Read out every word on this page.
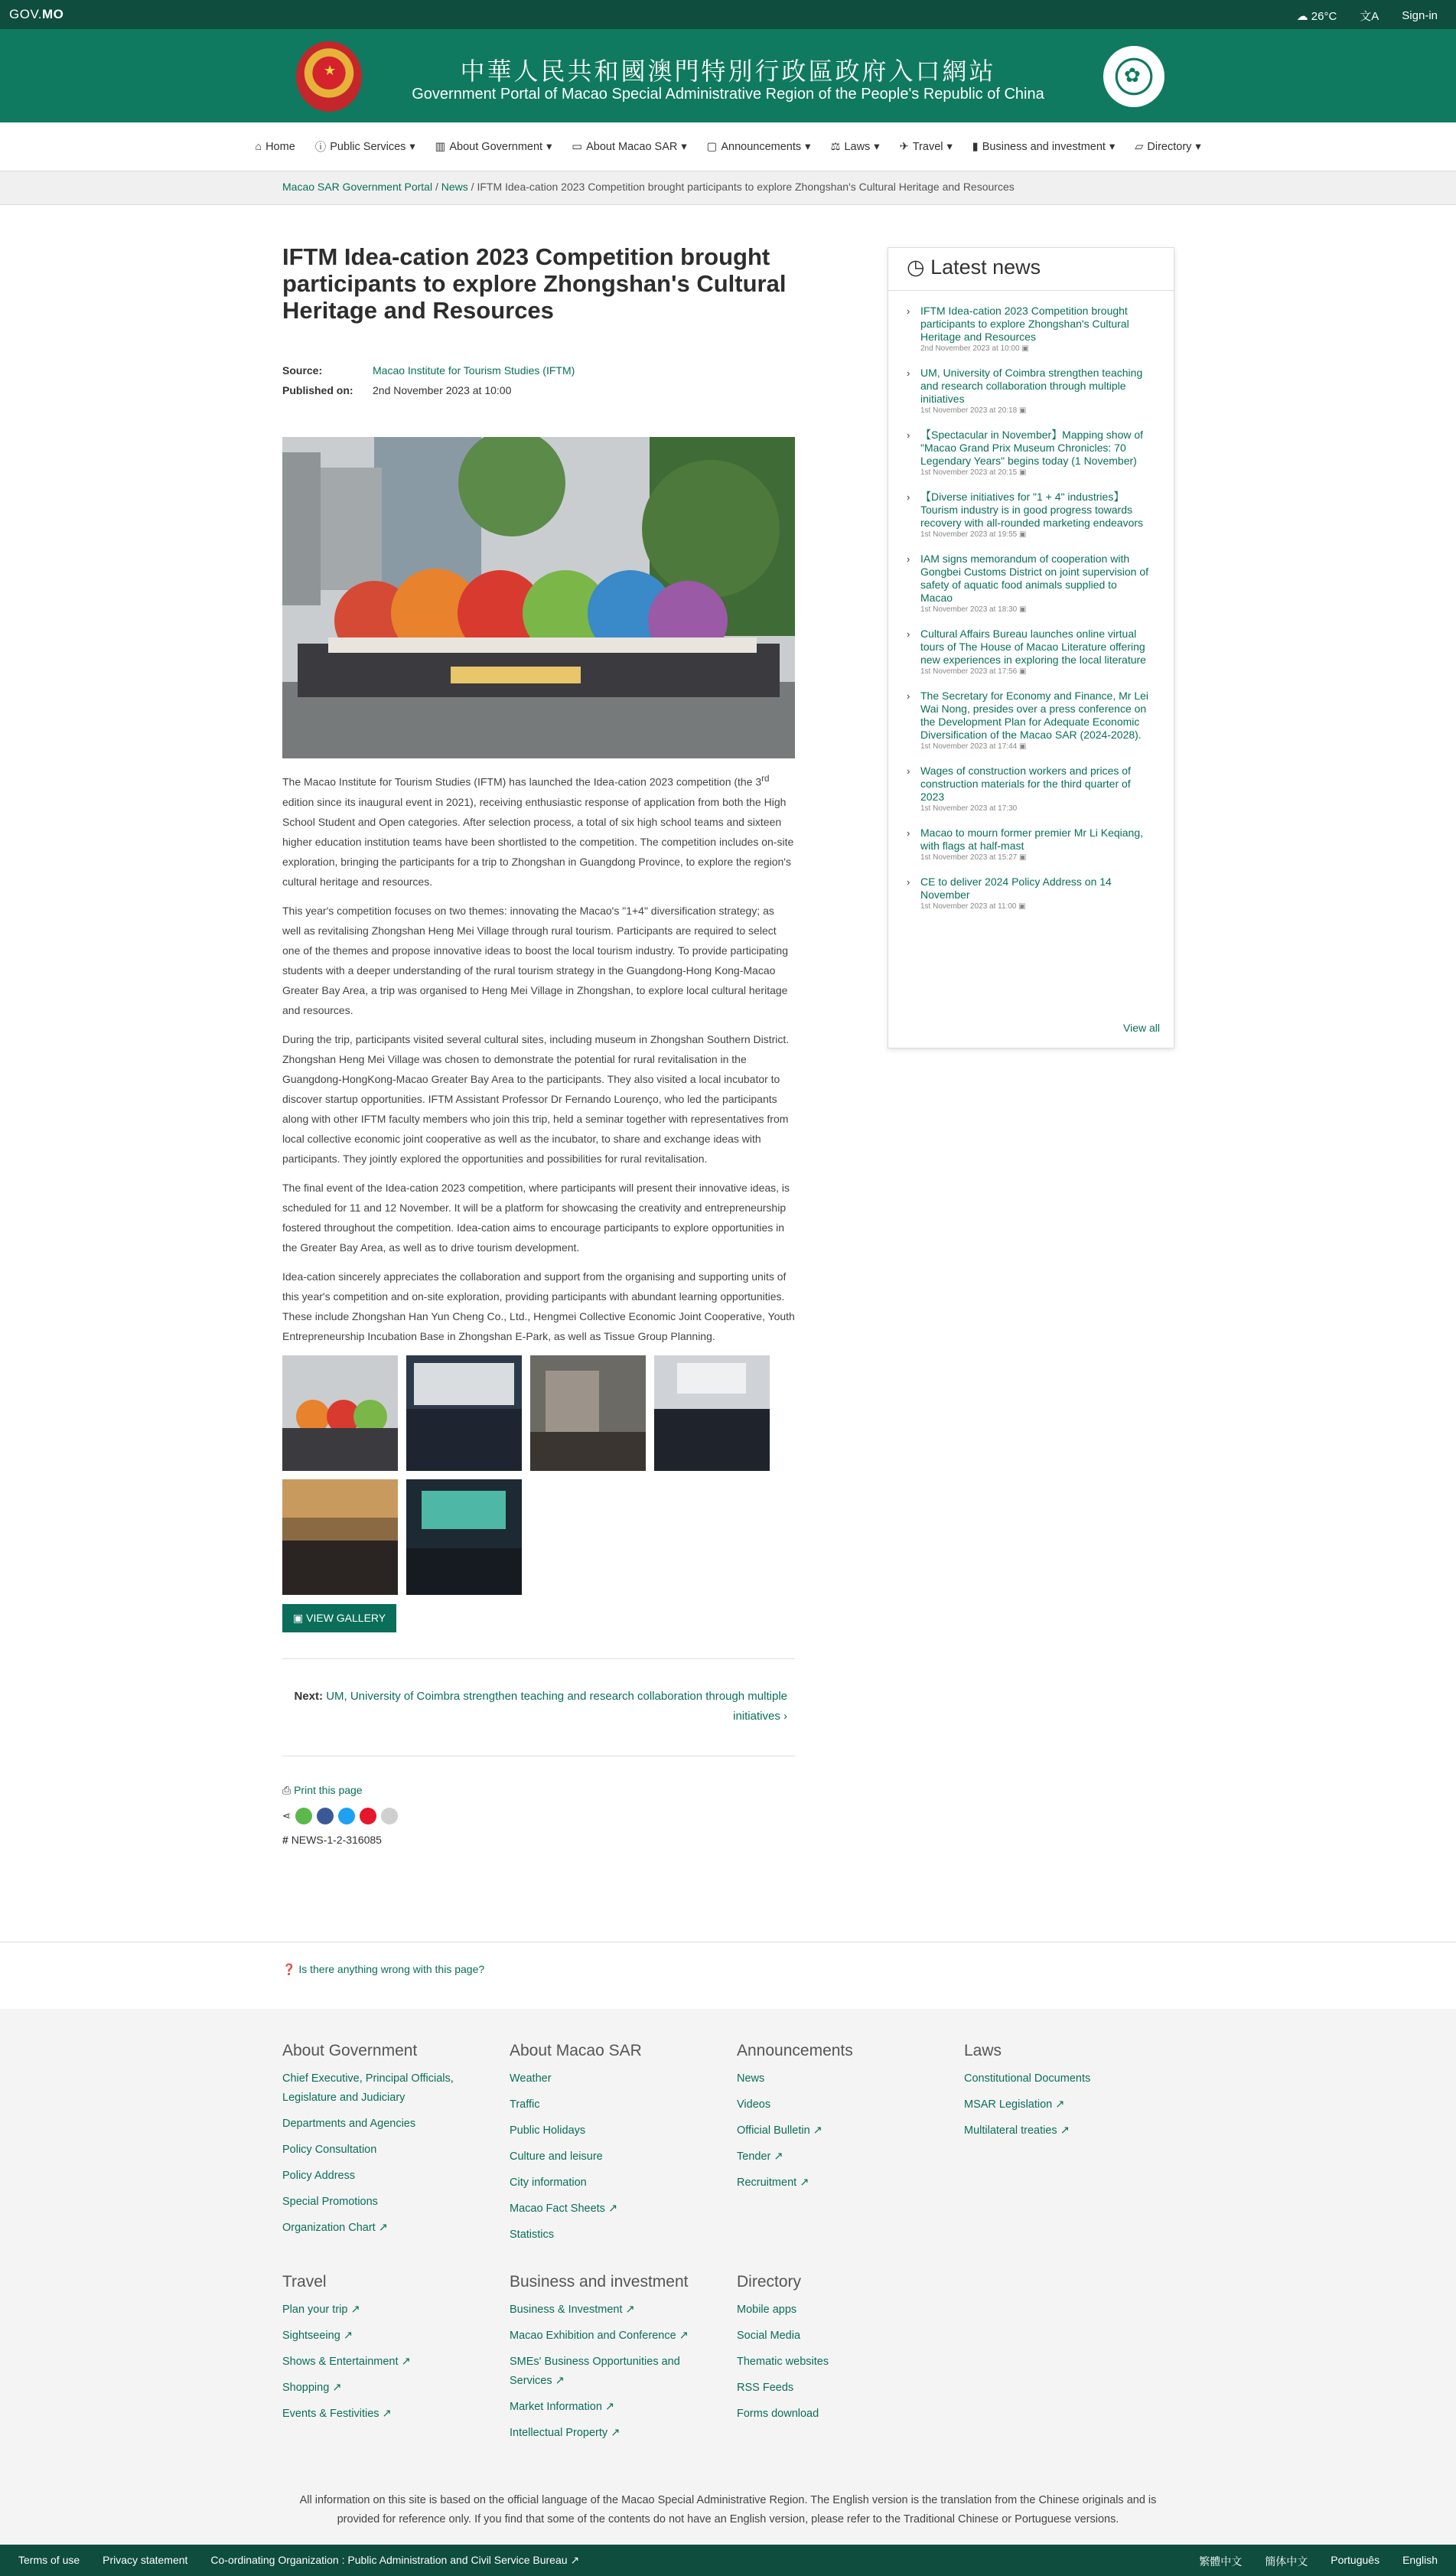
GOV.MO	☁ 26°C 文A Sign-in
★	中華人民共和國澳門特別行政區政府入口網站
Government Portal of Macao Special Administrative Region of the People's Republic of China
✿
⌂ Home ⓘ Public Services ▾ ▥ About Government ▾ ▭ About Macao SAR ▾ ▢ Announcements ▾ ⚖ Laws ▾ ✈ Travel ▾ ▮ Business and investment ▾ ▱ Directory ▾
Macao SAR Government Portal / News / IFTM Idea-cation 2023 Competition brought participants to explore Zhongshan's Cultural Heritage and Resources
IFTM Idea-cation 2023 Competition brought participants to explore Zhongshan's Cultural Heritage and Resources
Source:	Macao Institute for Tourism Studies (IFTM)
Published on: 2nd November 2023 at 10:00

The Macao Institute for Tourism Studies (IFTM) has launched the Idea-cation 2023 competition (the 3rd edition since its inaugural event in 2021), receiving enthusiastic response of application from both the High School Student and Open categories. After selection process, a total of six high school teams and sixteen higher education institution teams have been shortlisted to the competition. The competition includes on-site exploration, bringing the participants for a trip to Zhongshan in Guangdong Province, to explore the region's cultural heritage and resources.

This year's competition focuses on two themes: innovating the Macao's "1+4" diversification strategy; as well as revitalising Zhongshan Heng Mei Village through rural tourism. Participants are required to select one of the themes and propose innovative ideas to boost the local tourism industry. To provide participating students with a deeper understanding of the rural tourism strategy in the Guangdong-Hong Kong-Macao Greater Bay Area, a trip was organised to Heng Mei Village in Zhongshan, to explore local cultural heritage and resources.

During the trip, participants visited several cultural sites, including museum in Zhongshan Southern District. Zhongshan Heng Mei Village was chosen to demonstrate the potential for rural revitalisation in the Guangdong-HongKong-Macao Greater Bay Area to the participants. They also visited a local incubator to discover startup opportunities. IFTM Assistant Professor Dr Fernando Lourenço, who led the participants along with other IFTM faculty members who join this trip, held a seminar together with representatives from local collective economic joint cooperative as well as the incubator, to share and exchange ideas with participants. They jointly explored the opportunities and possibilities for rural revitalisation.

The final event of the Idea-cation 2023 competition, where participants will present their innovative ideas, is scheduled for 11 and 12 November. It will be a platform for showcasing the creativity and entrepreneurship fostered throughout the competition. Idea-cation aims to encourage participants to explore opportunities in the Greater Bay Area, as well as to drive tourism development.

Idea-cation sincerely appreciates the collaboration and support from the organising and supporting units of this year's competition and on-site exploration, providing participants with abundant learning opportunities. These include Zhongshan Han Yun Cheng Co., Ltd., Hengmei Collective Economic Joint Cooperative, Youth Entrepreneurship Incubation Base in Zhongshan E-Park, as well as Tissue Group Planning.

▣ VIEW GALLERY
Next: UM, University of Coimbra strengthen teaching and research collaboration through multiple initiatives ›
⎙ Print this page
⋖
# NEWS-1-2-316085
❓ Is there anything wrong with this page?
◷ Latest news
› IFTM Idea-cation 2023 Competition brought participants to explore Zhongshan's Cultural Heritage and Resources
2nd November 2023 at 10:00 ▣
› UM, University of Coimbra strengthen teaching and research collaboration through multiple initiatives
1st November 2023 at 20:18 ▣
› 【Spectacular in November】Mapping show of "Macao Grand Prix Museum Chronicles: 70 Legendary Years" begins today (1 November)
1st November 2023 at 20:15 ▣
› 【Diverse initiatives for "1 + 4" industries】Tourism industry is in good progress towards recovery with all-rounded marketing endeavors
1st November 2023 at 19:55 ▣
› IAM signs memorandum of cooperation with Gongbei Customs District on joint supervision of safety of aquatic food animals supplied to Macao
1st November 2023 at 18:30 ▣
› Cultural Affairs Bureau launches online virtual tours of The House of Macao Literature offering new experiences in exploring the local literature
1st November 2023 at 17:56 ▣
› The Secretary for Economy and Finance, Mr Lei Wai Nong, presides over a press conference on the Development Plan for Adequate Economic Diversification of the Macao SAR (2024-2028).
1st November 2023 at 17:44 ▣
› Wages of construction workers and prices of construction materials for the third quarter of 2023
1st November 2023 at 17:30
› Macao to mourn former premier Mr Li Keqiang, with flags at half-mast
1st November 2023 at 15:27 ▣
› CE to deliver 2024 Policy Address on 14 November
1st November 2023 at 11:00 ▣
View all
About Government
Chief Executive, Principal Officials, Legislature and Judiciary
Departments and Agencies
Policy Consultation
Policy Address
Special Promotions
Organization Chart ↗
About Macao SAR
Weather
Traffic
Public Holidays
Culture and leisure
City information
Macao Fact Sheets ↗
Statistics
Announcements
News
Videos
Official Bulletin ↗
Tender ↗
Recruitment ↗
Laws
Constitutional Documents
MSAR Legislation ↗
Multilateral treaties ↗
Travel
Plan your trip ↗
Sightseeing ↗
Shows & Entertainment ↗
Shopping ↗
Events & Festivities ↗
Business and investment
Business & Investment ↗
Macao Exhibition and Conference ↗
SMEs' Business Opportunities and Services ↗
Market Information ↗
Intellectual Property ↗
Directory
Mobile apps
Social Media
Thematic websites
RSS Feeds
Forms download
All information on this site is based on the official language of the Macao Special Administrative Region. The English version is the translation from the Chinese originals and is
provided for reference only. If you find that some of the contents do not have an English version, please refer to the Traditional Chinese or Portuguese versions.
Terms of use Privacy statement Co-ordinating Organization : Public Administration and Civil Service Bureau ↗	繁體中文 簡体中文 Português English
